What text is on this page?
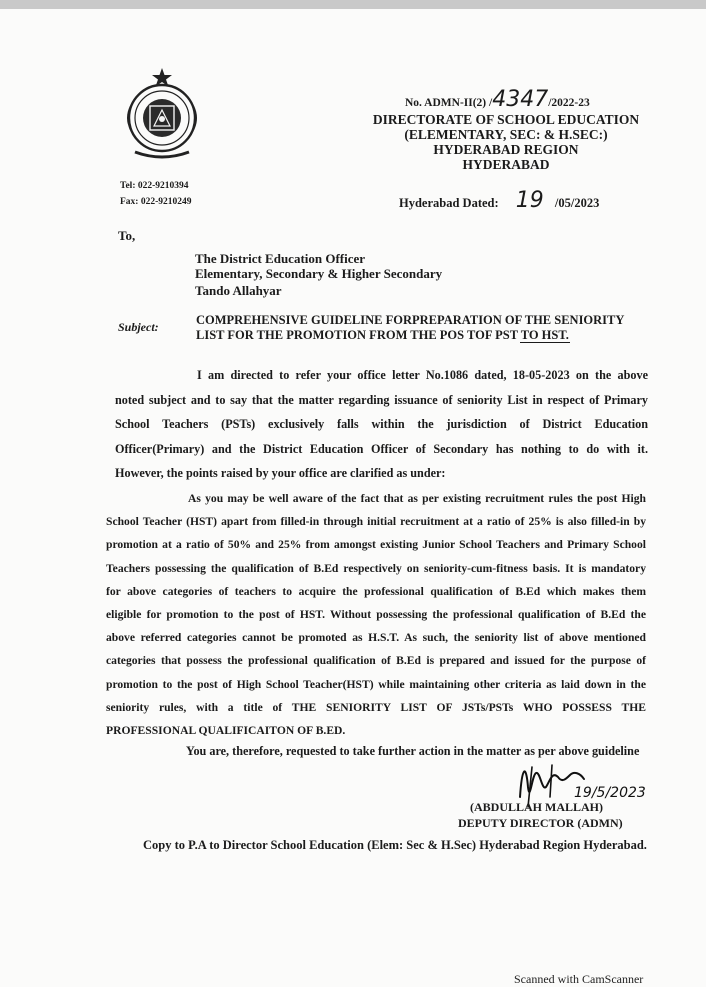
No. ADMN-II(2) /4347/2022-23
DIRECTORATE OF SCHOOL EDUCATION
(ELEMENTARY, SEC: & H.SEC:)
HYDERABAD REGION
HYDERABAD
Tel: 022-9210394
Fax: 022-9210249	Hyderabad Dated: 19 /05/2023
To,
The District Education Officer
Elementary, Secondary & Higher Secondary
Tando Allahyar
Subject:	COMPREHENSIVE GUIDELINE FORPREPARATION OF THE SENIORITY
LIST FOR THE PROMOTION FROM THE POS TOF PST TO HST.
I am directed to refer your office letter No.1086 dated, 18-05-2023 on the above
noted subject and to say that the matter regarding issuance of seniority List in respect of Primary
School Teachers (PSTs) exclusively falls within the jurisdiction of District Education
Officer(Primary) and the District Education Officer of Secondary has nothing to do with it.
However, the points raised by your office are clarified as under:
As you may be well aware of the fact that as per existing recruitment rules the post High
School Teacher (HST) apart from filled-in through initial recruitment at a ratio of 25% is also filled-in by
promotion at a ratio of 50% and 25% from amongst existing Junior School Teachers and Primary School
Teachers possessing the qualification of B.Ed respectively on seniority-cum-fitness basis. It is mandatory
for above categories of teachers to acquire the professional qualification of B.Ed which makes them
eligible for promotion to the post of HST. Without possessing the professional qualification of B.Ed the
above referred categories cannot be promoted as H.S.T. As such, the seniority list of above mentioned
categories that possess the professional qualification of B.Ed is prepared and issued for the purpose of
promotion to the post of High School Teacher(HST) while maintaining other criteria as laid down in the
seniority rules, with a title of THE SENIORITY LIST OF JSTs/PSTs WHO POSSESS THE
PROFESSIONAL QUALIFICAITON OF B.ED.
You are, therefore, requested to take further action in the matter as per above guideline
19/5/2023
(ABDULLAH MALLAH)
DEPUTY DIRECTOR (ADMN)
Copy to P.A to Director School Education (Elem: Sec & H.Sec) Hyderabad Region Hyderabad.
Scanned with CamScanner
